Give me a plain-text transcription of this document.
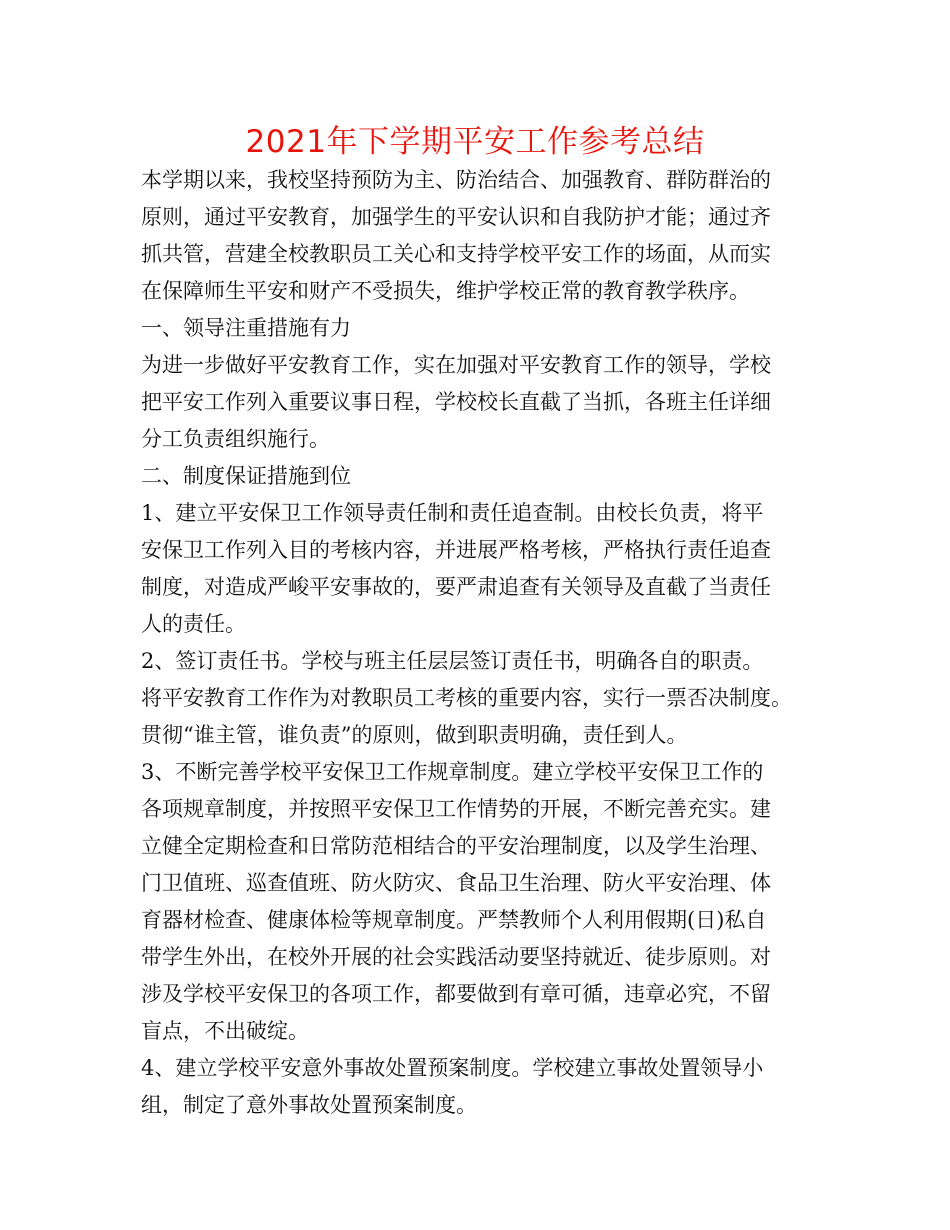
2021年下学期平安工作参考总结

本学期以来，我校坚持预防为主、防治结合、加强教育、群防群治的

原则，通过平安教育，加强学生的平安认识和自我防护才能；通过齐

抓共管，营建全校教职员工关心和支持学校平安工作的场面，从而实

在保障师生平安和财产不受损失，维护学校正常的教育教学秩序。

一、领导注重措施有力

为进一步做好平安教育工作，实在加强对平安教育工作的领导，学校

把平安工作列入重要议事日程，学校校长直截了当抓，各班主任详细

分工负责组织施行。

二、制度保证措施到位

1、建立平安保卫工作领导责任制和责任追查制。由校长负责，将平

安保卫工作列入目的考核内容，并进展严格考核，严格执行责任追查

制度，对造成严峻平安事故的，要严肃追查有关领导及直截了当责任

人的责任。

2、签订责任书。学校与班主任层层签订责任书，明确各自的职责。

将平安教育工作作为对教职员工考核的重要内容，实行一票否决制度。

贯彻“谁主管，谁负责”的原则，做到职责明确，责任到人。

3、不断完善学校平安保卫工作规章制度。建立学校平安保卫工作的

各项规章制度，并按照平安保卫工作情势的开展，不断完善充实。建

立健全定期检查和日常防范相结合的平安治理制度，以及学生治理、

门卫值班、巡查值班、防火防灾、食品卫生治理、防火平安治理、体

育器材检查、健康体检等规章制度。严禁教师个人利用假期(日)私自

带学生外出，在校外开展的社会实践活动要坚持就近、徒步原则。对

涉及学校平安保卫的各项工作，都要做到有章可循，违章必究，不留

盲点，不出破绽。

4、建立学校平安意外事故处置预案制度。学校建立事故处置领导小

组，制定了意外事故处置预案制度。
